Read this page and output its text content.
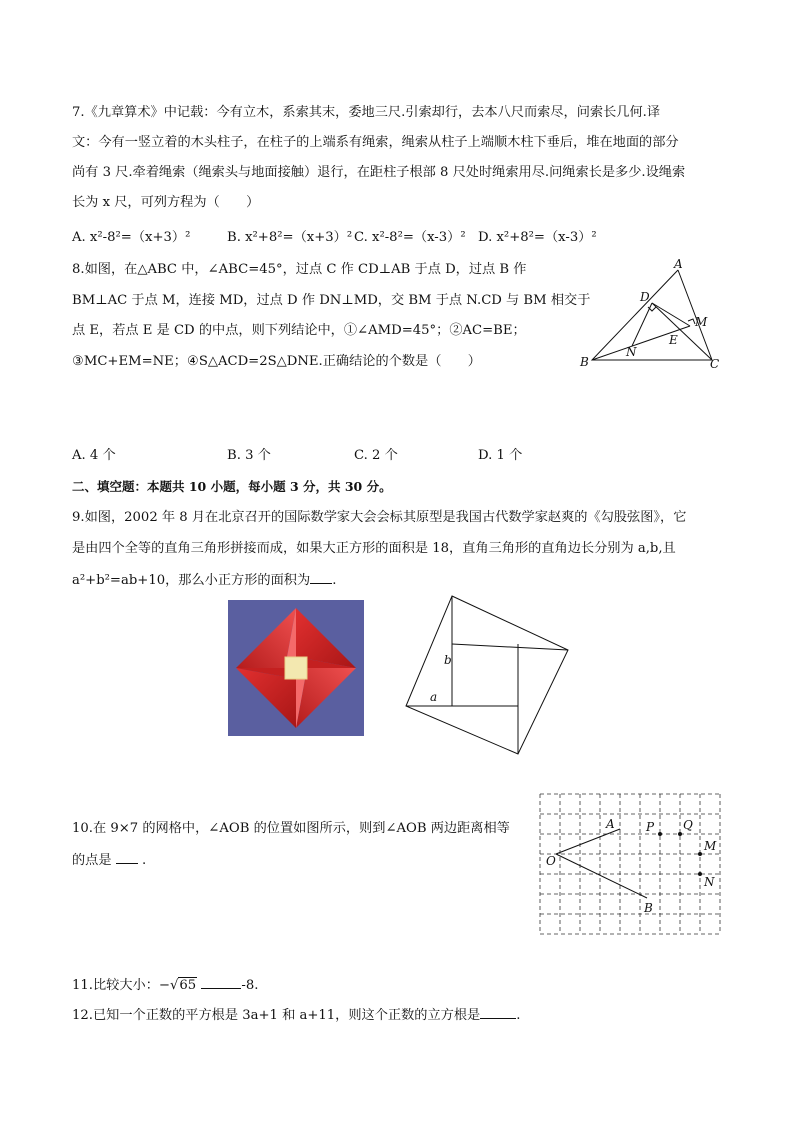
7.《九章算术》中记载：今有立木，系索其末，委地三尺.引索却行，去本八尺而索尽，问索长几何.译
文：今有一竖立着的木头柱子，在柱子的上端系有绳索，绳索从柱子上端顺木柱下垂后，堆在地面的部分
尚有 3 尺.牵着绳索（绳索头与地面接触）退行，在距柱子根部 8 尺处时绳索用尽.问绳索长是多少.设绳索
长为 x 尺，可列方程为（　　）
A. x²-8²=（x+3）²	B. x²+8²=（x+3）² C. x²-8²=（x-3）² D. x²+8²=（x-3）²
8.如图，在△ABC 中，∠ABC=45°，过点 C 作 CD⊥AB 于点 D，过点 B 作
BM⊥AC 于点 M，连接 MD，过点 D 作 DN⊥MD，交 BM 于点 N.CD 与 BM 相交于
点 E，若点 E 是 CD 的中点，则下列结论中，①∠AMD=45°；②AC=BE；
③MC+EM=NE；④S△ACD=2S△DNE.正确结论的个数是（　　）
A
B	C
D
M
N
E
A. 4 个	B. 3 个	C. 2 个	D. 1 个
二、填空题：本题共 10 小题，每小题 3 分，共 30 分。
9.如图，2002 年 8 月在北京召开的国际数学家大会会标其原型是我国古代数学家赵爽的《勾股弦图》，它
是由四个全等的直角三角形拼接而成，如果大正方形的面积是 18，直角三角形的直角边长分别为 a,b,且
a²+b²=ab+10，那么小正方形的面积为 .
b
a
10.在 9×7 的网格中，∠AOB 的位置如图所示，则到∠AOB 两边距离相等
的点是 .	O
A
B
P Q
M
N
11.比较大小：−√65	-8.
12.已知一个正数的平方根是 3a+1 和 a+11，则这个正数的立方根是	.
